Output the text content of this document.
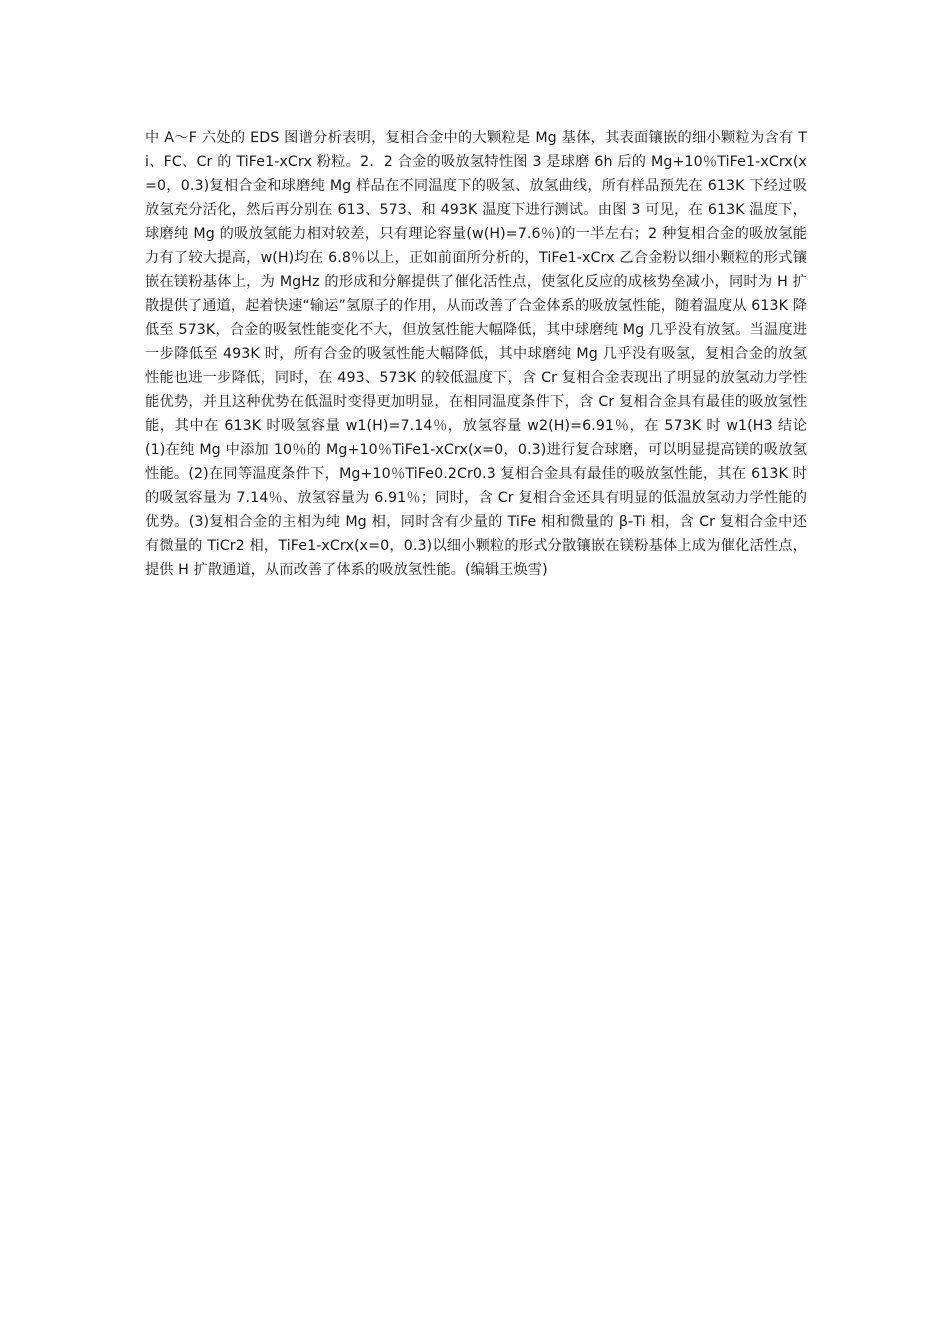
中 A～F 六处的 EDS 图谱分析表明，复相合金中的大颗粒是 Mg 基体，其表面镶嵌的细小颗粒为含有 Ti、FC、Cr 的 TiFe1-xCrx 粉粒。2．2 合金的吸放氢特性图 3 是球磨 6h 后的 Mg+10％TiFe1-xCrx(x=0，0.3)复相合金和球磨纯 Mg 样品在不同温度下的吸氢、放氢曲线，所有样品预先在 613K 下经过吸放氢充分活化，然后再分别在 613、573、和 493K 温度下进行测试。由图 3 可见，在 613K 温度下，球磨纯 Mg 的吸放氢能力相对较差，只有理论容量(w(H)=7.6％)的一半左右；2 种复相合金的吸放氢能力有了较大提高，w(H)均在 6.8％以上，正如前面所分析的，TiFe1-xCrx 乙合金粉以细小颗粒的形式镶嵌在镁粉基体上，为 MgHz 的形成和分解提供了催化活性点，使氢化反应的成核势垒减小，同时为 H 扩散提供了通道，起着快速“输运”氢原子的作用，从而改善了合金体系的吸放氢性能，随着温度从 613K 降低至 573K，合金的吸氢性能变化不大，但放氢性能大幅降低，其中球磨纯 Mg 几乎没有放氢。当温度进一步降低至 493K 时，所有合金的吸氢性能大幅降低，其中球磨纯 Mg 几乎没有吸氢，复相合金的放氢性能也进一步降低，同时，在 493、573K 的较低温度下，含 Cr 复相合金表现出了明显的放氢动力学性能优势，并且这种优势在低温时变得更加明显，在相同温度条件下，含 Cr 复相合金具有最佳的吸放氢性能，其中在 613K 时吸氢容量 w1(H)=7.14％，放氢容量 w2(H)=6.91％，在 573K 时 w1(H3 结论(1)在纯 Mg 中添加 10％的 Mg+10％TiFe1-xCrx(x=0，0.3)进行复合球磨，可以明显提高镁的吸放氢性能。(2)在同等温度条件下，Mg+10％TiFe0.2Cr0.3 复相合金具有最佳的吸放氢性能，其在 613K 时的吸氢容量为 7.14％、放氢容量为 6.91％；同时，含 Cr 复相合金还具有明显的低温放氢动力学性能的优势。(3)复相合金的主相为纯 Mg 相，同时含有少量的 TiFe 相和微量的 β-Ti 相，含 Cr 复相合金中还有微量的 TiCr2 相，TiFe1-xCrx(x=0，0.3)以细小颗粒的形式分散镶嵌在镁粉基体上成为催化活性点，提供 H 扩散通道，从而改善了体系的吸放氢性能。(编辑王焕雪)
